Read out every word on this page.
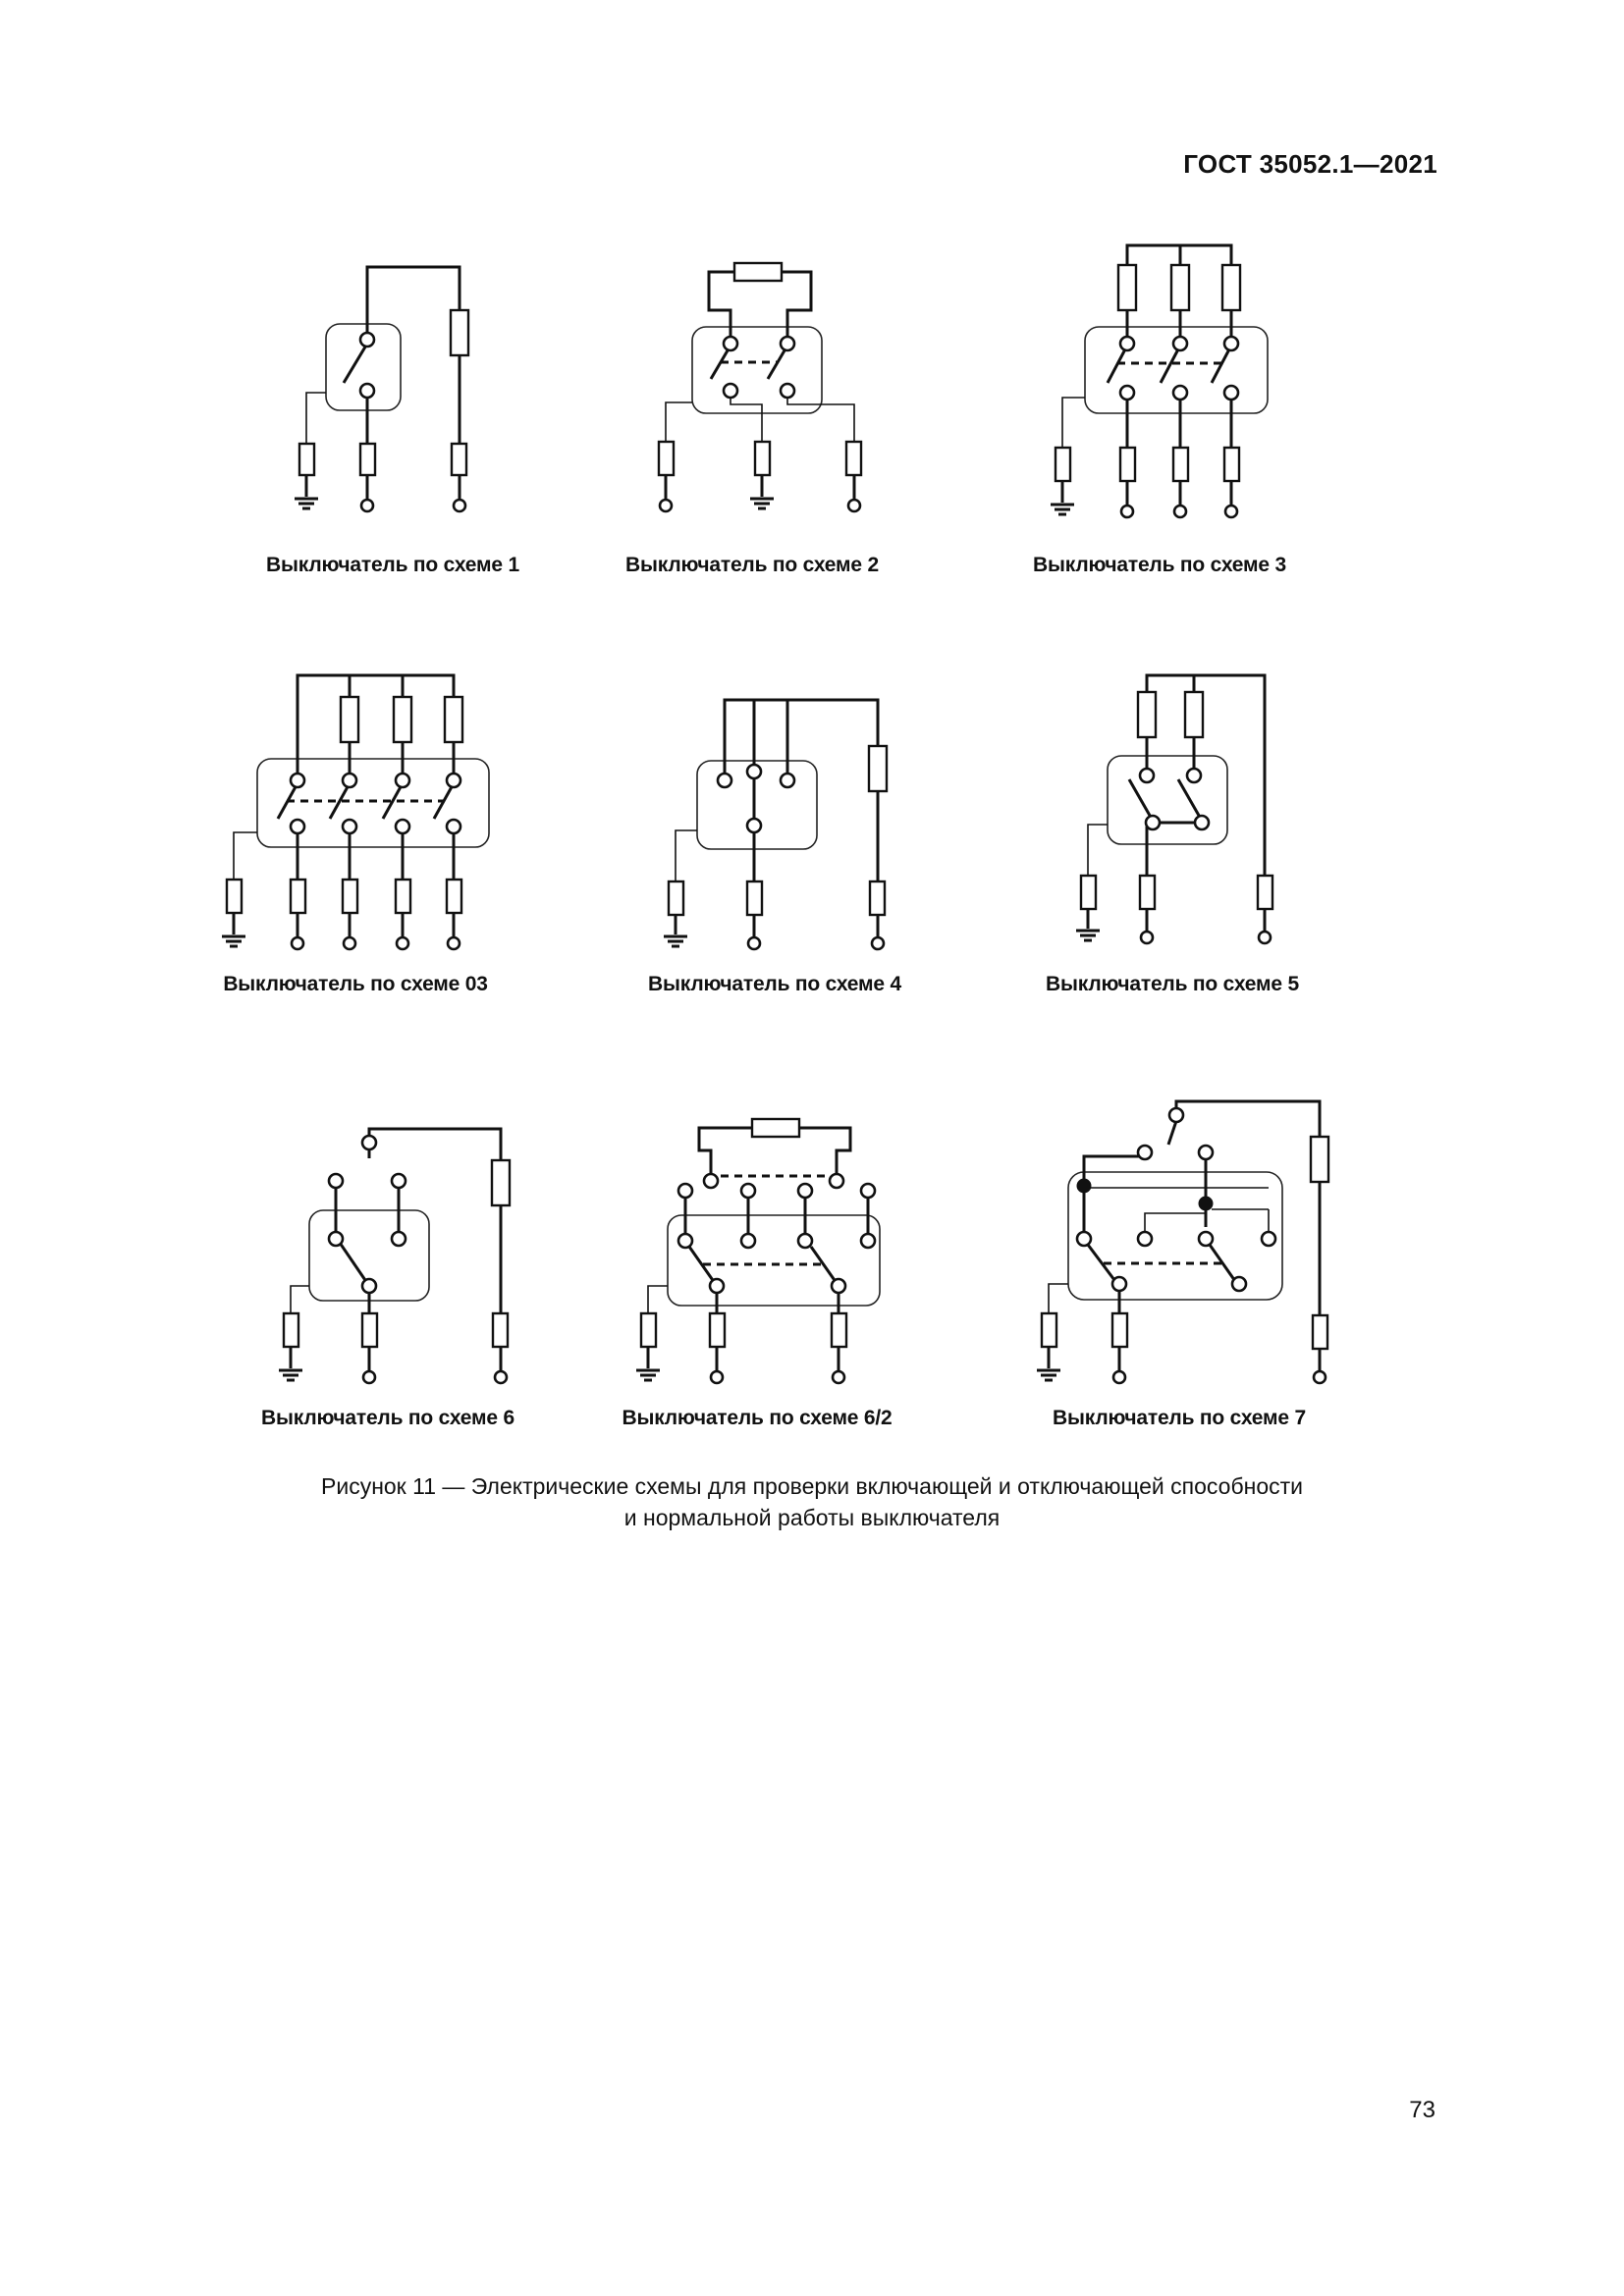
ГОСТ 35052.1—2021
Выключатель по схеме 1	Выключатель по схеме 2	Выключатель по схеме 3
Выключатель по схеме 03	Выключатель по схеме 4	Выключатель по схеме 5
Выключатель по схеме 6	Выключатель по схеме 6/2	Выключатель по схеме 7
Рисунок 11 — Электрические схемы для проверки включающей и отключающей способности
и нормальной работы выключателя
73
